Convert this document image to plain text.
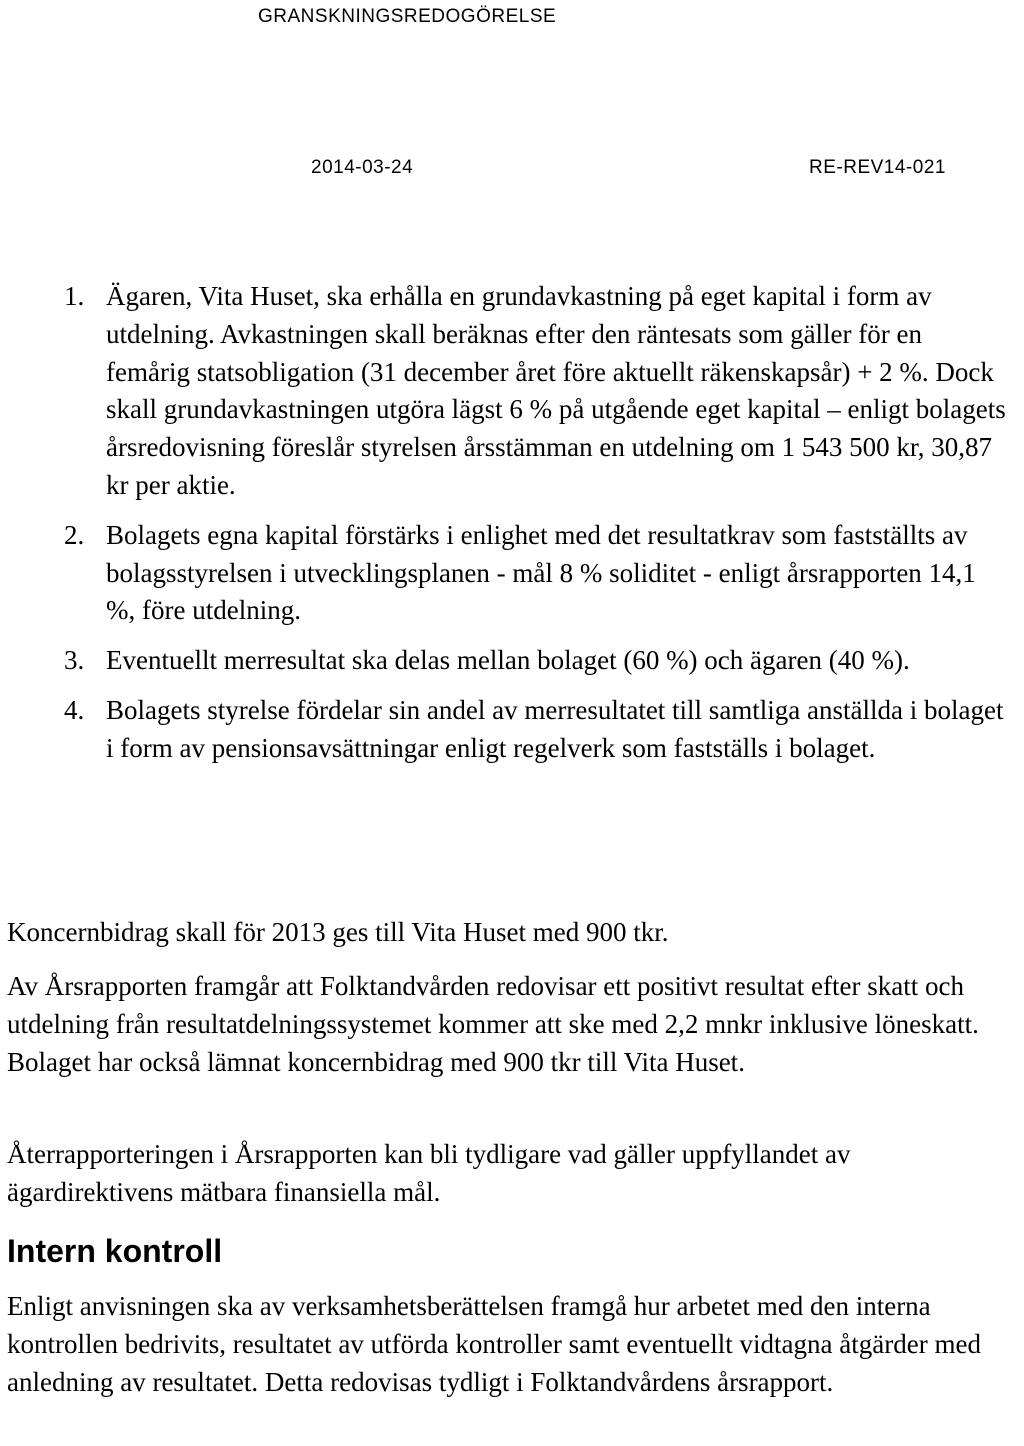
GRANSKNINGSREDOGÖRELSE
2014-03-24	RE-REV14-021
1. Ägaren, Vita Huset, ska erhålla en grundavkastning på eget kapital i form av utdelning. Avkastningen skall beräknas efter den räntesats som gäller för en femårig statsobligation (31 december året före aktuellt räkenskapsår) + 2 %. Dock skall grundavkastningen utgöra lägst 6 % på utgående eget kapital – enligt bolagets årsredovisning föreslår styrelsen årsstämman en utdelning om 1 543 500 kr, 30,87 kr per aktie.
2. Bolagets egna kapital förstärks i enlighet med det resultatkrav som fastställts av bolagsstyrelsen i utvecklingsplanen - mål 8 % soliditet - enligt årsrapporten 14,1 %, före utdelning.
3. Eventuellt merresultat ska delas mellan bolaget (60 %) och ägaren (40 %).
4. Bolagets styrelse fördelar sin andel av merresultatet till samtliga anställda i bolaget i form av pensionsavsättningar enligt regelverk som fastställs i bolaget.

Koncernbidrag skall för 2013 ges till Vita Huset med 900 tkr.

Av Årsrapporten framgår att Folktandvården redovisar ett positivt resultat efter skatt och utdelning från resultatdelningssystemet kommer att ske med 2,2 mnkr inklusive löneskatt. Bolaget har också lämnat koncernbidrag med 900 tkr till Vita Huset.

Återrapporteringen i Årsrapporten kan bli tydligare vad gäller uppfyllandet av ägardirektivens mätbara finansiella mål.

Intern kontroll

Enligt anvisningen ska av verksamhetsberättelsen framgå hur arbetet med den interna kontrollen bedrivits, resultatet av utförda kontroller samt eventuellt vidtagna åtgärder med anledning av resultatet. Detta redovisas tydligt i Folktandvårdens årsrapport.
